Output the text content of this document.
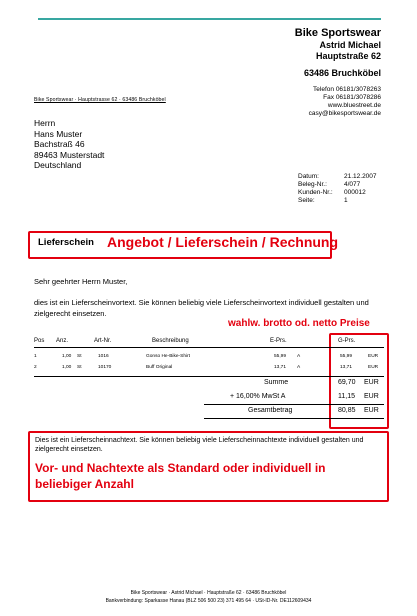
Bike Sportswear
Astrid Michael
Hauptstraße 62
63486 Bruchköbel
Telefon 06181/3078263
Fax 06181/3078286
www.bluestreet.de
casy@bikesportswear.de
Bike Sportswear · Hauptstrasse 62 · 63486 Bruchköbel
Herrn
Hans Muster
Bachstraß 46
89463 Musterstadt
Deutschland
Datum:	21.12.2007
Beleg-Nr.:	4/077
Kunden-Nr.:	000012
Seite:	1
Lieferschein Angebot / Lieferschein / Rechnung
Sehr geehrter Herrn Muster,
dies ist ein Lieferscheinvortext. Sie können beliebig viele Lieferscheinvortext individuell gestalten und zielgerecht einsetzen.
wahlw. brotto od. netto Preise
Pos Anz.	Art-Nr.	Beschreibung	E-Prs.	G-Prs.
1	1,00 St	1016	Gonso He-Bike-Shirt	55,99 A	55,99	EUR
2	1,00 St	10170	Buff Original	13,71 A	13,71	EUR
Summe	69,70 EUR
+ 16,00% MwSt A	11,15 EUR
Gesamtbetrag	80,85 EUR
Dies ist ein Lieferscheinnachtext. Sie können beliebig viele Lieferscheinnachtexte individuell gestalten und zielgerecht einsetzen.
Vor- und Nachtexte als Standard oder individuell in beliebiger Anzahl
Bike Sportswear · Astrid Michael · Hauptstraße 62 · 63486 Bruchköbel
Bankverbindung: Sparkasse Hanau (BLZ 506 500 23) 371 495 64 · USt-ID-Nr. DE112609434
